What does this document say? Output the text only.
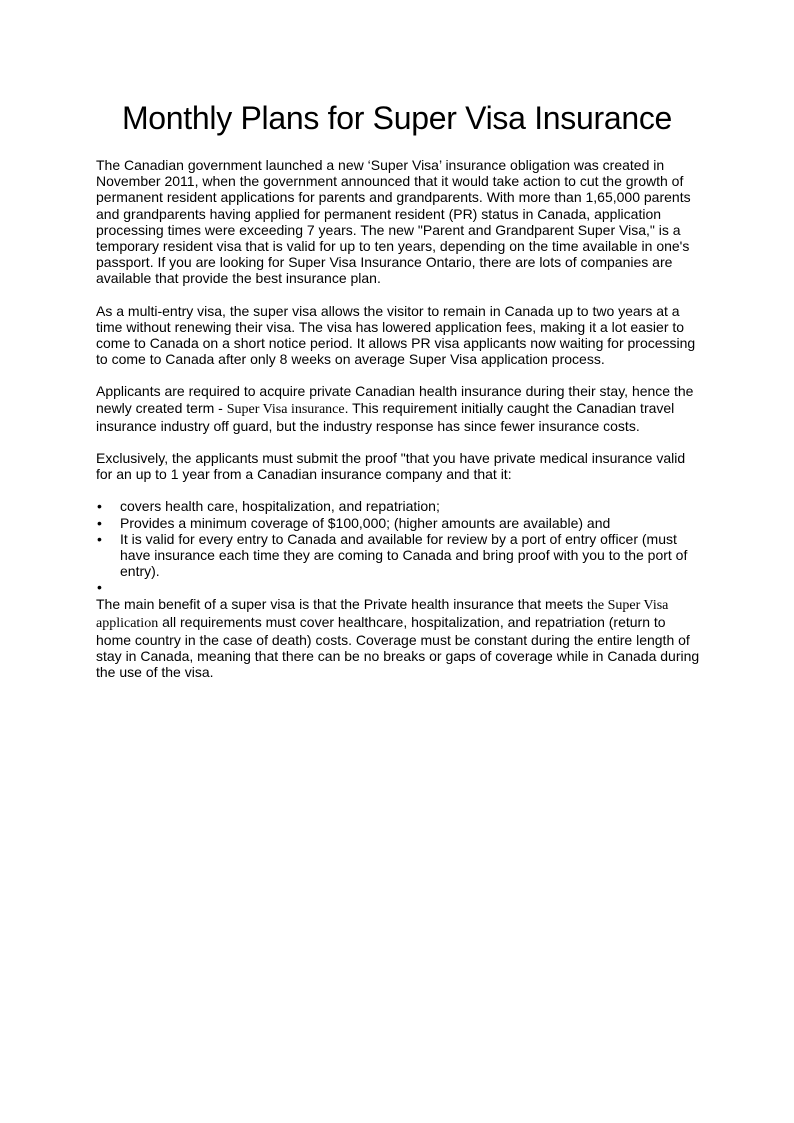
Monthly Plans for Super Visa Insurance

The Canadian government launched a new ‘Super Visa’ insurance obligation was created in November 2011, when the government announced that it would take action to cut the growth of permanent resident applications for parents and grandparents. With more than 1,65,000 parents and grandparents having applied for permanent resident (PR) status in Canada, application processing times were exceeding 7 years. The new "Parent and Grandparent Super Visa," is a temporary resident visa that is valid for up to ten years, depending on the time available in one's passport. If you are looking for Super Visa Insurance Ontario, there are lots of companies are available that provide the best insurance plan.

As a multi-entry visa, the super visa allows the visitor to remain in Canada up to two years at a time without renewing their visa. The visa has lowered application fees, making it a lot easier to come to Canada on a short notice period. It allows PR visa applicants now waiting for processing to come to Canada after only 8 weeks on average Super Visa application process.

Applicants are required to acquire private Canadian health insurance during their stay, hence the newly created term - Super Visa insurance. This requirement initially caught the Canadian travel insurance industry off guard, but the industry response has since fewer insurance costs.

Exclusively, the applicants must submit the proof "that you have private medical insurance valid for an up to 1 year from a Canadian insurance company and that it:

• covers health care, hospitalization, and repatriation;
• Provides a minimum coverage of $100,000; (higher amounts are available) and
• It is valid for every entry to Canada and available for review by a port of entry officer (must have insurance each time they are coming to Canada and bring proof with you to the port of entry).
•

The main benefit of a super visa is that the Private health insurance that meets the Super Visa application all requirements must cover healthcare, hospitalization, and repatriation (return to home country in the case of death) costs. Coverage must be constant during the entire length of stay in Canada, meaning that there can be no breaks or gaps of coverage while in Canada during the use of the visa.
